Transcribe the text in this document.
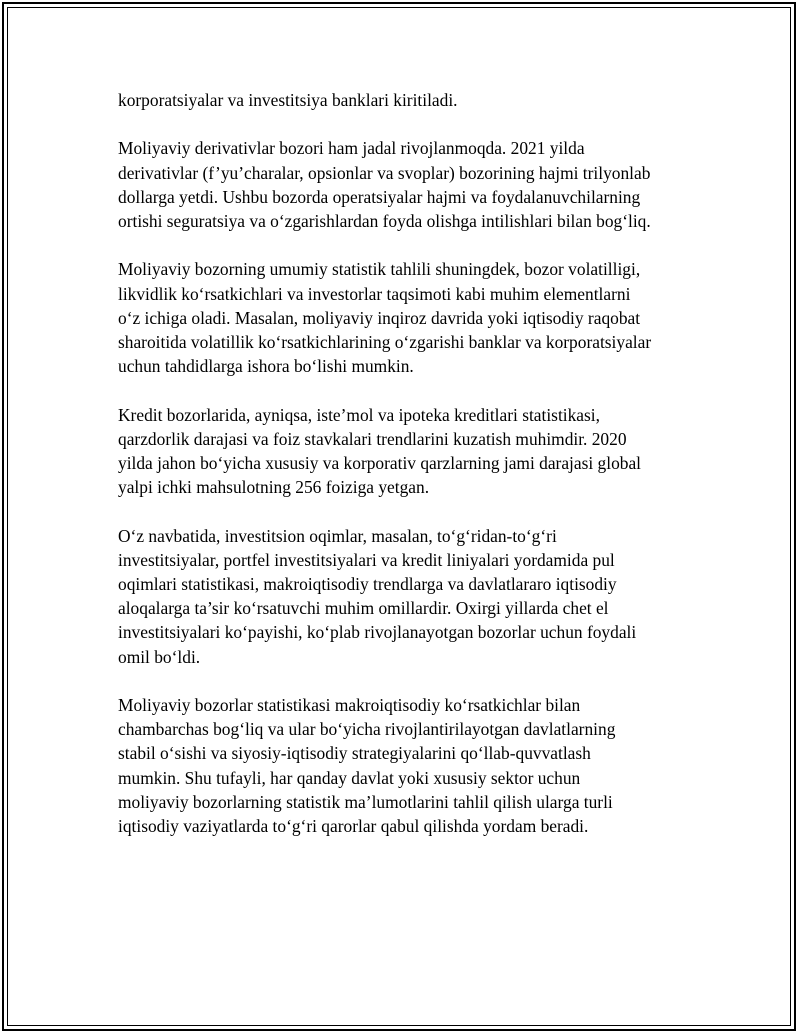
korporatsiyalar va investitsiya banklari kiritiladi.

Moliyaviy derivativlar bozori ham jadal rivojlanmoqda. 2021 yilda
derivativlar (f’yu’charalar, opsionlar va svoplar) bozorining hajmi trilyonlab
dollarga yetdi. Ushbu bozorda operatsiyalar hajmi va foydalanuvchilarning
ortishi seguratsiya va o‘zgarishlardan foyda olishga intilishlari bilan bog‘liq.

Moliyaviy bozorning umumiy statistik tahlili shuningdek, bozor volatilligi,
likvidlik ko‘rsatkichlari va investorlar taqsimoti kabi muhim elementlarni
o‘z ichiga oladi. Masalan, moliyaviy inqiroz davrida yoki iqtisodiy raqobat
sharoitida volatillik ko‘rsatkichlarining o‘zgarishi banklar va korporatsiyalar
uchun tahdidlarga ishora bo‘lishi mumkin.

Kredit bozorlarida, ayniqsa, iste’mol va ipoteka kreditlari statistikasi,
qarzdorlik darajasi va foiz stavkalari trendlarini kuzatish muhimdir. 2020
yilda jahon bo‘yicha xususiy va korporativ qarzlarning jami darajasi global
yalpi ichki mahsulotning 256 foiziga yetgan.

O‘z navbatida, investitsion oqimlar, masalan, to‘g‘ridan-to‘g‘ri
investitsiyalar, portfel investitsiyalari va kredit liniyalari yordamida pul
oqimlari statistikasi, makroiqtisodiy trendlarga va davlatlararo iqtisodiy
aloqalarga ta’sir ko‘rsatuvchi muhim omillardir. Oxirgi yillarda chet el
investitsiyalari ko‘payishi, ko‘plab rivojlanayotgan bozorlar uchun foydali
omil bo‘ldi.

Moliyaviy bozorlar statistikasi makroiqtisodiy ko‘rsatkichlar bilan
chambarchas bog‘liq va ular bo‘yicha rivojlantirilayotgan davlatlarning
stabil o‘sishi va siyosiy-iqtisodiy strategiyalarini qo‘llab-quvvatlash
mumkin. Shu tufayli, har qanday davlat yoki xususiy sektor uchun
moliyaviy bozorlarning statistik ma’lumotlarini tahlil qilish ularga turli
iqtisodiy vaziyatlarda to‘g‘ri qarorlar qabul qilishda yordam beradi.
